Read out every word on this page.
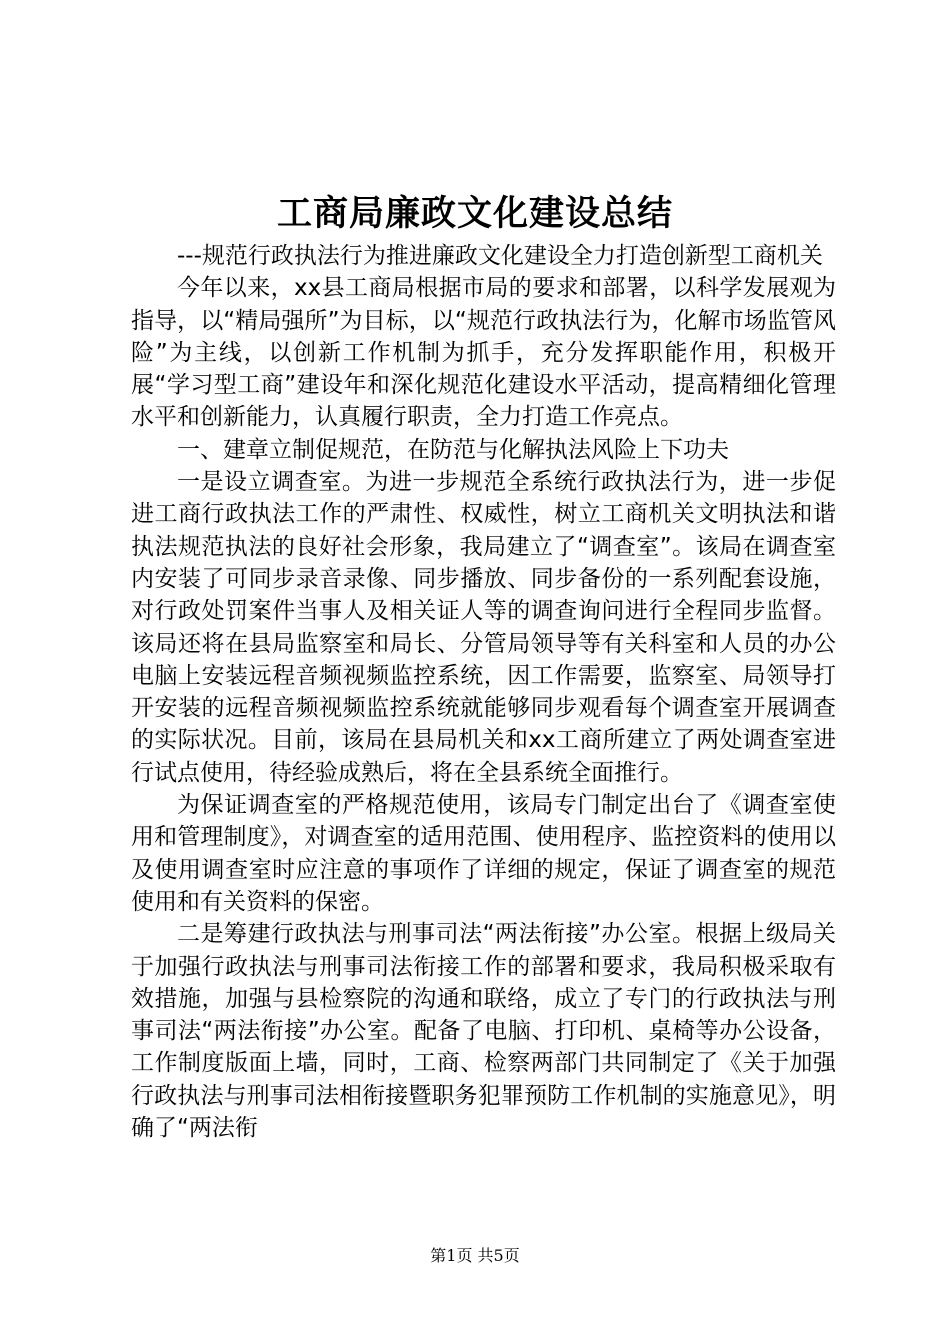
工商局廉政文化建设总结

---规范行政执法行为推进廉政文化建设全力打造创新型工商机关

今年以来，xx县工商局根据市局的要求和部署，以科学发展观为指导，以“精局强所”为目标，以“规范行政执法行为，化解市场监管风险”为主线，以创新工作机制为抓手，充分发挥职能作用，积极开展“学习型工商”建设年和深化规范化建设水平活动，提高精细化管理水平和创新能力，认真履行职责，全力打造工作亮点。

一、建章立制促规范，在防范与化解执法风险上下功夫

一是设立调查室。为进一步规范全系统行政执法行为，进一步促进工商行政执法工作的严肃性、权威性，树立工商机关文明执法和谐执法规范执法的良好社会形象，我局建立了“调查室”。该局在调查室内安装了可同步录音录像、同步播放、同步备份的一系列配套设施，对行政处罚案件当事人及相关证人等的调查询问进行全程同步监督。该局还将在县局监察室和局长、分管局领导等有关科室和人员的办公电脑上安装远程音频视频监控系统，因工作需要，监察室、局领导打开安装的远程音频视频监控系统就能够同步观看每个调查室开展调查的实际状况。目前，该局在县局机关和xx工商所建立了两处调查室进行试点使用，待经验成熟后，将在全县系统全面推行。

为保证调查室的严格规范使用，该局专门制定出台了《调查室使用和管理制度》，对调查室的适用范围、使用程序、监控资料的使用以及使用调查室时应注意的事项作了详细的规定，保证了调查室的规范使用和有关资料的保密。

二是筹建行政执法与刑事司法“两法衔接”办公室。根据上级局关于加强行政执法与刑事司法衔接工作的部署和要求，我局积极采取有效措施，加强与县检察院的沟通和联络，成立了专门的行政执法与刑事司法“两法衔接”办公室。配备了电脑、打印机、桌椅等办公设备，工作制度版面上墙，同时，工商、检察两部门共同制定了《关于加强行政执法与刑事司法相衔接暨职务犯罪预防工作机制的实施意见》，明确了“两法衔

第1页 共5页
